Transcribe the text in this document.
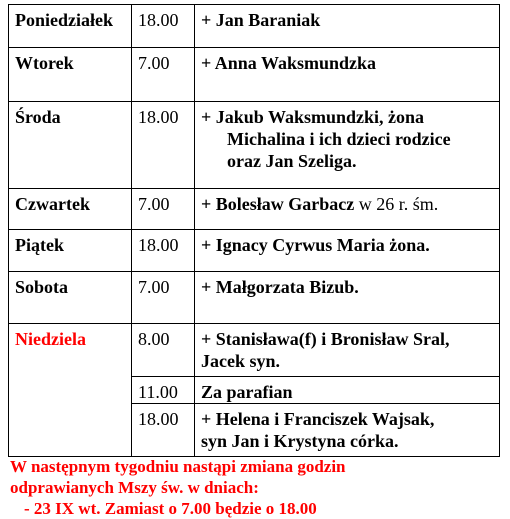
Poniedziałek	18.00	+ Jan Baraniak

Wtorek	7.00	+ Anna Waksmundzka

Środa	18.00	+ Jakub Waksmundzki, żona
Michalina i ich dzieci rodzice
oraz Jan Szeliga.

Czwartek	7.00	+ Bolesław Garbacz w 26 r. śm.

Piątek	18.00	+ Ignacy Cyrwus Maria żona.

Sobota	7.00	+ Małgorzata Bizub.

Niedziela	8.00	+ Stanisława(f) i Bronisław Sral,
Jacek syn.

	11.00	Za parafian

	18.00	+ Helena i Franciszek Wajsak,
syn Jan i Krystyna córka.
W następnym tygodniu nastąpi zmiana godzin
odprawianych Mszy św. w dniach:
- 23 IX wt. Zamiast o 7.00 będzie o 18.00
